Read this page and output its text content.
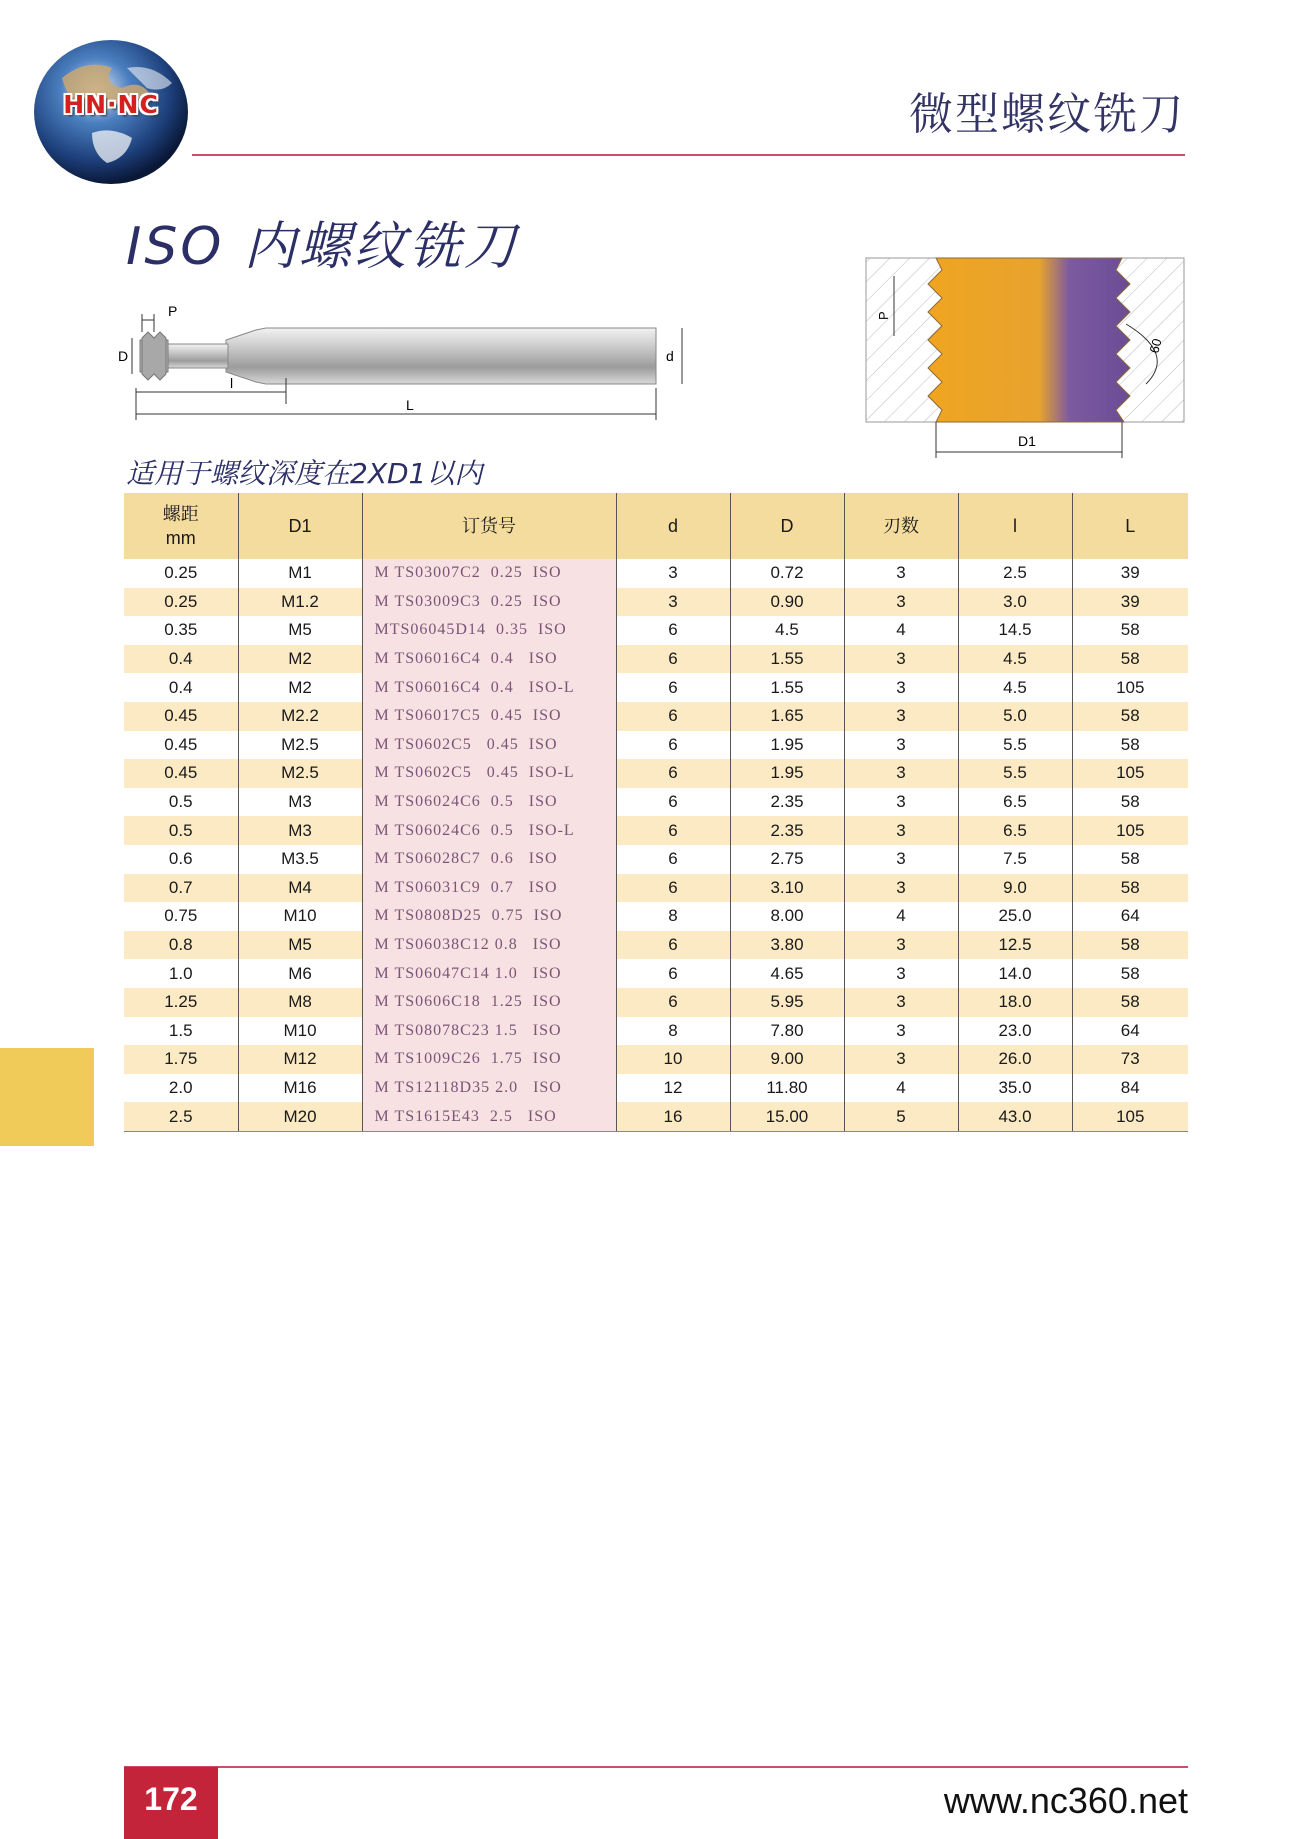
HN·NC	微型螺纹铣刀
ISO 内螺纹铣刀
P
D	d
l
L
P
60
D1
适用于螺纹深度在2XD1以内
螺距
mm	D1	订货号	d	D	刃数	l	L
0.25	M1	M TS03007C2  0.25  ISO	3	0.72	3	2.5	39
0.25	M1.2	M TS03009C3  0.25  ISO	3	0.90	3	3.0	39
0.35	M5	MTS06045D14  0.35  ISO	6	4.5	4	14.5	58
0.4	M2	M TS06016C4  0.4   ISO	6	1.55	3	4.5	58
0.4	M2	M TS06016C4  0.4   ISO-L	6	1.55	3	4.5	105
0.45	M2.2	M TS06017C5  0.45  ISO	6	1.65	3	5.0	58
0.45	M2.5	M TS0602C5   0.45  ISO	6	1.95	3	5.5	58
0.45	M2.5	M TS0602C5   0.45  ISO-L	6	1.95	3	5.5	105
0.5	M3	M TS06024C6  0.5   ISO	6	2.35	3	6.5	58
0.5	M3	M TS06024C6  0.5   ISO-L	6	2.35	3	6.5	105
0.6	M3.5	M TS06028C7  0.6   ISO	6	2.75	3	7.5	58
0.7	M4	M TS06031C9  0.7   ISO	6	3.10	3	9.0	58
0.75	M10	M TS0808D25  0.75  ISO	8	8.00	4	25.0	64
0.8	M5	M TS06038C12 0.8   ISO	6	3.80	3	12.5	58
1.0	M6	M TS06047C14 1.0   ISO	6	4.65	3	14.0	58
1.25	M8	M TS0606C18  1.25  ISO	6	5.95	3	18.0	58
1.5	M10	M TS08078C23 1.5   ISO	8	7.80	3	23.0	64
1.75	M12	M TS1009C26  1.75  ISO	10	9.00	3	26.0	73
2.0	M16	M TS12118D35 2.0   ISO	12	11.80	4	35.0	84
2.5	M20	M TS1615E43  2.5   ISO	16	15.00	5	43.0	105
172	www.nc360.net
